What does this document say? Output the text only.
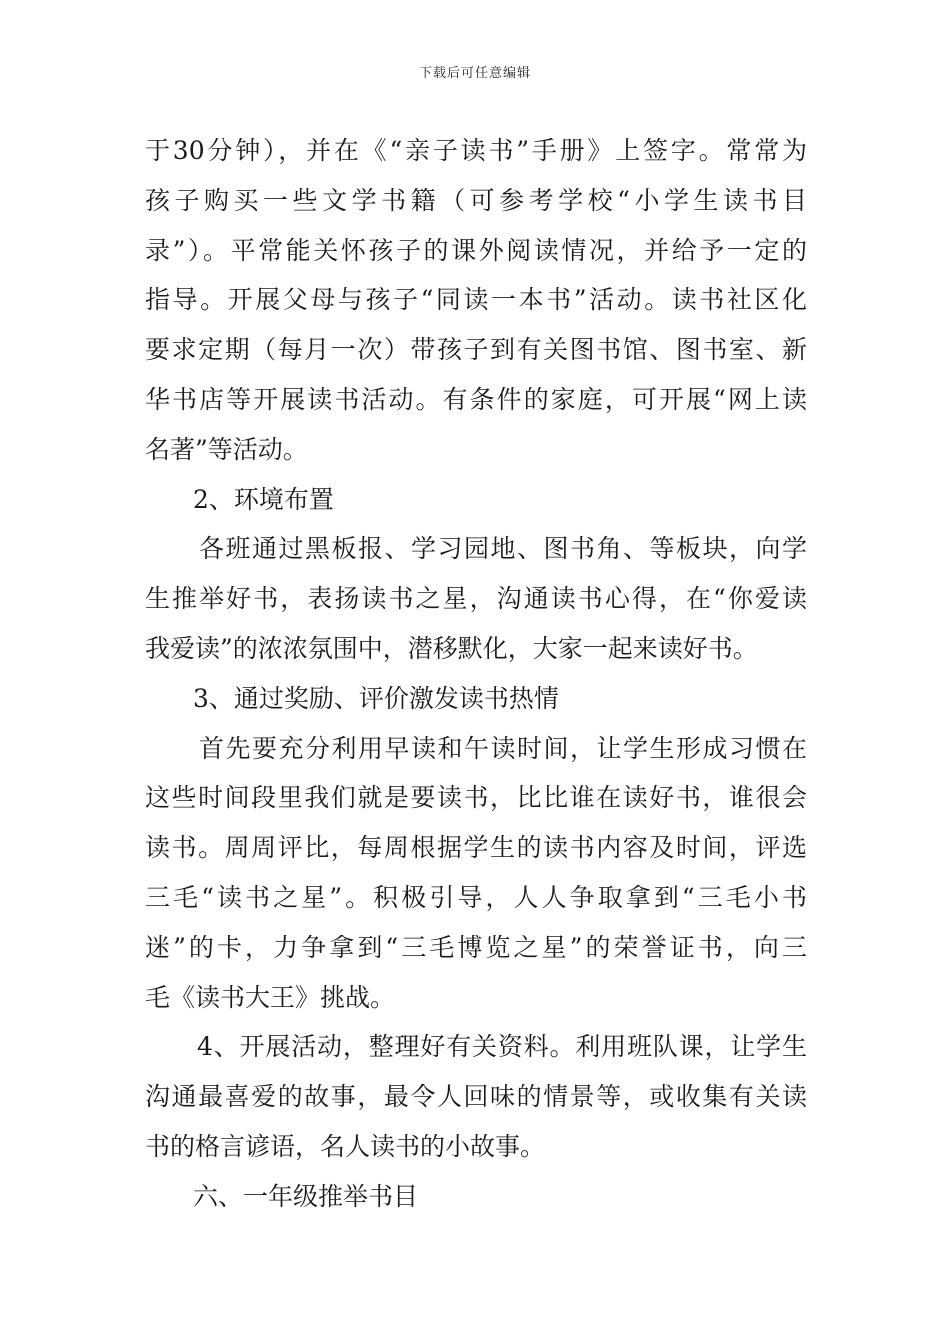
下载后可任意编辑
于30分钟），并在《“亲子读书”手册》上签字。常常为
孩子购买一些文学书籍（可参考学校“小学生读书目
录”）。平常能关怀孩子的课外阅读情况，并给予一定的
指导。开展父母与孩子“同读一本书”活动。读书社区化
要求定期（每月一次）带孩子到有关图书馆、图书室、新
华书店等开展读书活动。有条件的家庭，可开展“网上读
名著”等活动。
2、环境布置
各班通过黑板报、学习园地、图书角、等板块，向学
生推举好书，表扬读书之星，沟通读书心得，在“你爱读
我爱读”的浓浓氛围中，潜移默化，大家一起来读好书。
3、通过奖励、评价激发读书热情
首先要充分利用早读和午读时间，让学生形成习惯在
这些时间段里我们就是要读书，比比谁在读好书，谁很会
读书。周周评比，每周根据学生的读书内容及时间，评选
三毛“读书之星”。积极引导，人人争取拿到“三毛小书
迷”的卡，力争拿到“三毛博览之星”的荣誉证书，向三
毛《读书大王》挑战。
4、开展活动，整理好有关资料。利用班队课，让学生
沟通最喜爱的故事，最令人回味的情景等，或收集有关读
书的格言谚语，名人读书的小故事。
六、一年级推举书目
